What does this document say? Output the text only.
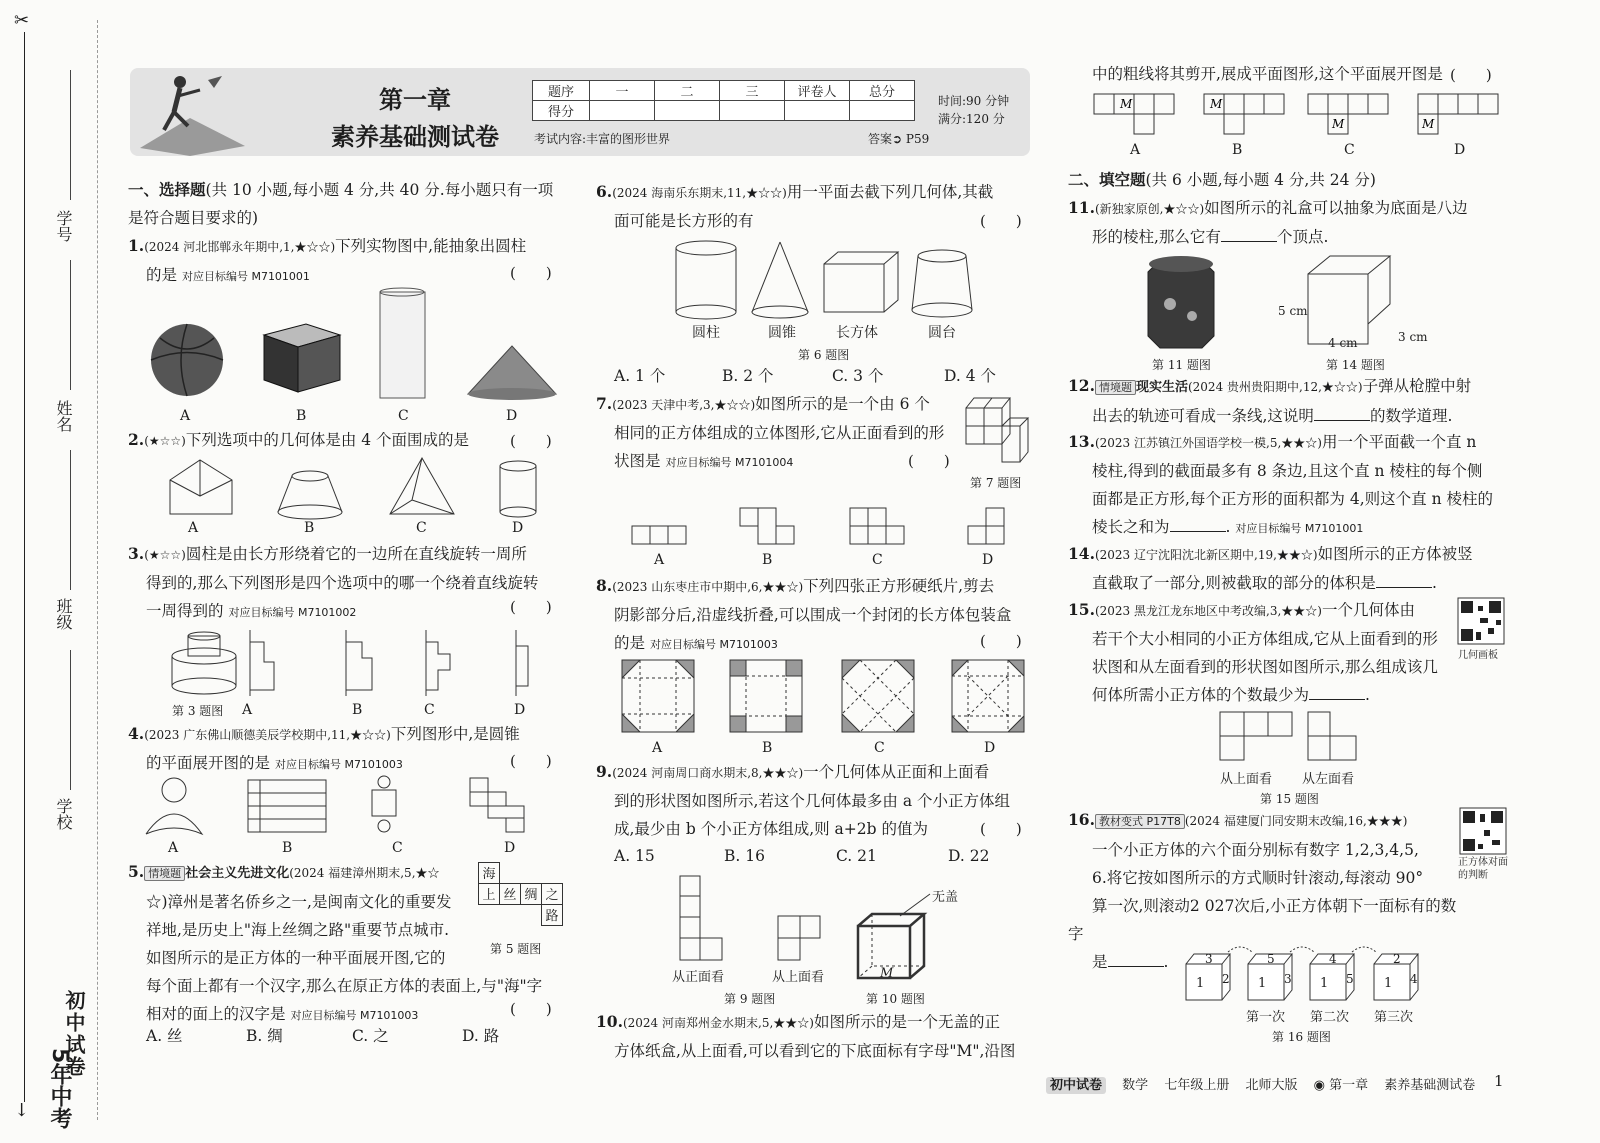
✂
↓
学号
姓名
班级
学校
初中试卷
5年中考
第一章
素养基础测试卷
题序	一	二	三	评卷人	总分
得分					
时间:90 分钟
满分:120 分
考试内容:丰富的图形世界	答案➲ P59
一、选择题(共 10 小题,每小题 4 分,共 40 分.每小题只有一项
是符合题目要求的)
1.(2024 河北邯郸永年期中,1,★☆☆)下列实物图中,能抽象出圆柱
的是 对应目标编号 M7101001	(　　)
A	B	C	D
2.(★☆☆)下列选项中的几何体是由 4 个面围成的是	(　　)
A	B	C	D
3.(★☆☆)圆柱是由长方形绕着它的一边所在直线旋转一周所
得到的,那么下列图形是四个选项中的哪一个绕着直线旋转
一周得到的 对应目标编号 M7101002	(　　)
第 3 题图 A	B	C	D
4.(2023 广东佛山顺德美辰学校期中,11,★☆☆)下列图形中,是圆锥
的平面展开图的是 对应目标编号 M7101003	(　　)
A	B	C	D
5. 情境题 社会主义先进文化(2024 福建漳州期末,5,★☆
☆)漳州是著名侨乡之一,是闽南文化的重要发
祥地,是历史上"海上丝绸之路"重要节点城市.
如图所示的是正方体的一种平面展开图,它的
每个面上都有一个汉字,那么在原正方体的表面上,与"海"字
相对的面上的汉字是 对应目标编号 M7101003	(　　)
海
上 丝 绸 之
路
第 5 题图
A. 丝	B. 绸	C. 之	D. 路
6.(2024 海南乐东期末,11,★☆☆)用一平面去截下列几何体,其截
面可能是长方形的有	(　　)
圆柱	圆锥	长方体	圆台
第 6 题图
A. 1 个	B. 2 个	C. 3 个	D. 4 个
7.(2023 天津中考,3,★☆☆)如图所示的是一个由 6 个
相同的正方体组成的立体图形,它从正面看到的形
状图是 对应目标编号 M7101004	(　　)
第 7 题图
A	B	C	D
8.(2023 山东枣庄市中期中,6,★★☆)下列四张正方形硬纸片,剪去
阴影部分后,沿虚线折叠,可以围成一个封闭的长方体包装盒
的是 对应目标编号 M7101003	(　　)
A	B	C	D
9.(2024 河南周口商水期末,8,★★☆)一个几何体从正面和上面看
到的形状图如图所示,若这个几何体最多由 a 个小正方体组
成,最少由 b 个小正方体组成,则 a+2b 的值为	(　　)
A. 15	B. 16	C. 21	D. 22
从正面看	从上面看
第 9 题图
无盖
M
第 10 题图
10.(2024 河南郑州金水期末,5,★★☆)如图所示的是一个无盖的正
方体纸盒,从上面看,可以看到它的下底面标有字母"M",沿图
中的粗线将其剪开,展成平面图形,这个平面展开图是 (　　)
M	M
M	M
A	B	C	D
二、填空题(共 6 小题,每小题 4 分,共 24 分)
11.(新独家原创,★☆☆)如图所示的礼盒可以抽象为底面是八边
形的棱柱,那么它有	个顶点.
第 11 题图
5 cm
4 cm	3 cm
第 14 题图
12. 情境题 现实生活(2024 贵州贵阳期中,12,★☆☆)子弹从枪膛中射
出去的轨迹可看成一条线,这说明	的数学道理.
13.(2023 江苏镇江外国语学校一模,5,★★☆)用一个平面截一个直 n
棱柱,得到的截面最多有 8 条边,且这个直 n 棱柱的每个侧
面都是正方形,每个正方形的面积都为 4,则这个直 n 棱柱的
棱长之和为	. 对应目标编号 M7101001
14.(2023 辽宁沈阳沈北新区期中,19,★★☆)如图所示的正方体被竖
直截取了一部分,则被截取的部分的体积是	.
15.(2023 黑龙江龙东地区中考改编,3,★★☆)一个几何体由
若干个大小相同的小正方体组成,它从上面看到的形
状图和从左面看到的形状图如图所示,那么组成该几
何体所需小正方体的个数最少为	.
几何画板
从上面看 从左面看
第 15 题图
16. 教材变式 P17T8 (2024 福建厦门同安期末改编,16,★★★)
一个小正方体的六个面分别标有数字 1,2,3,4,5,
6.将它按如图所示的方式顺时针滚动,每滚动 90°
算一次,则滚动2 027次后,小正方体朝下一面标有的数字
是	.
正方体对面的判断
3
1 2
5
1 3
4
1 5
2
1 4
第一次 第二次 第三次
第 16 题图
初中试卷 数学 七年级上册 北师大版 ◉ 第一章 素养基础测试卷	1
